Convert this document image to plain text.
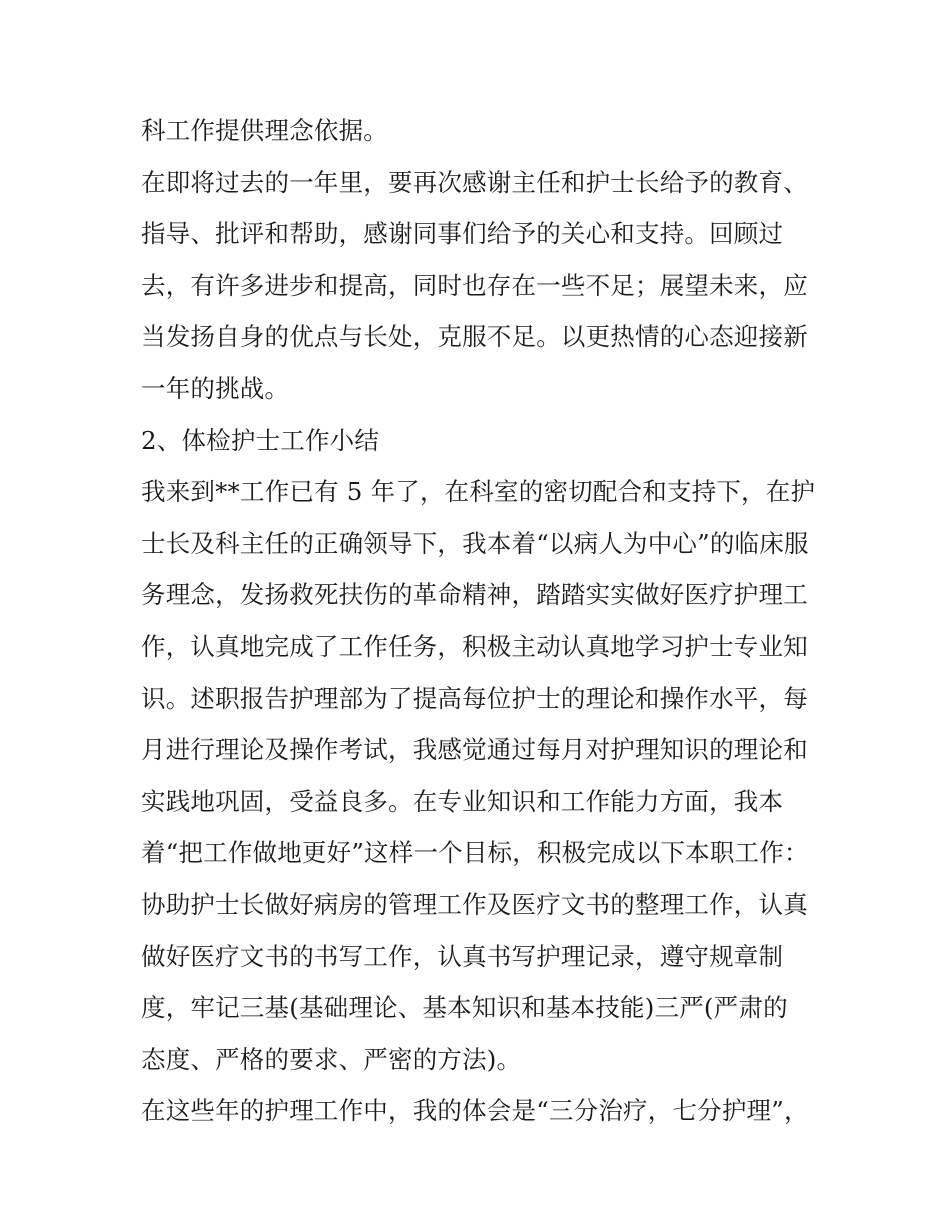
科工作提供理念依据。
在即将过去的一年里，要再次感谢主任和护士长给予的教育、
指导、批评和帮助，感谢同事们给予的关心和支持。回顾过
去，有许多进步和提高，同时也存在一些不足；展望未来，应
当发扬自身的优点与长处，克服不足。以更热情的心态迎接新
一年的挑战。
2、体检护士工作小结
我来到**工作已有 5 年了，在科室的密切配合和支持下，在护
士长及科主任的正确领导下，我本着“以病人为中心”的临床服
务理念，发扬救死扶伤的革命精神，踏踏实实做好医疗护理工
作，认真地完成了工作任务，积极主动认真地学习护士专业知
识。述职报告护理部为了提高每位护士的理论和操作水平，每
月进行理论及操作考试，我感觉通过每月对护理知识的理论和
实践地巩固，受益良多。在专业知识和工作能力方面，我本
着“把工作做地更好”这样一个目标，积极完成以下本职工作：
协助护士长做好病房的管理工作及医疗文书的整理工作，认真
做好医疗文书的书写工作，认真书写护理记录，遵守规章制
度，牢记三基(基础理论、基本知识和基本技能)三严(严肃的
态度、严格的要求、严密的方法)。
在这些年的护理工作中，我的体会是“三分治疗，七分护理”，
